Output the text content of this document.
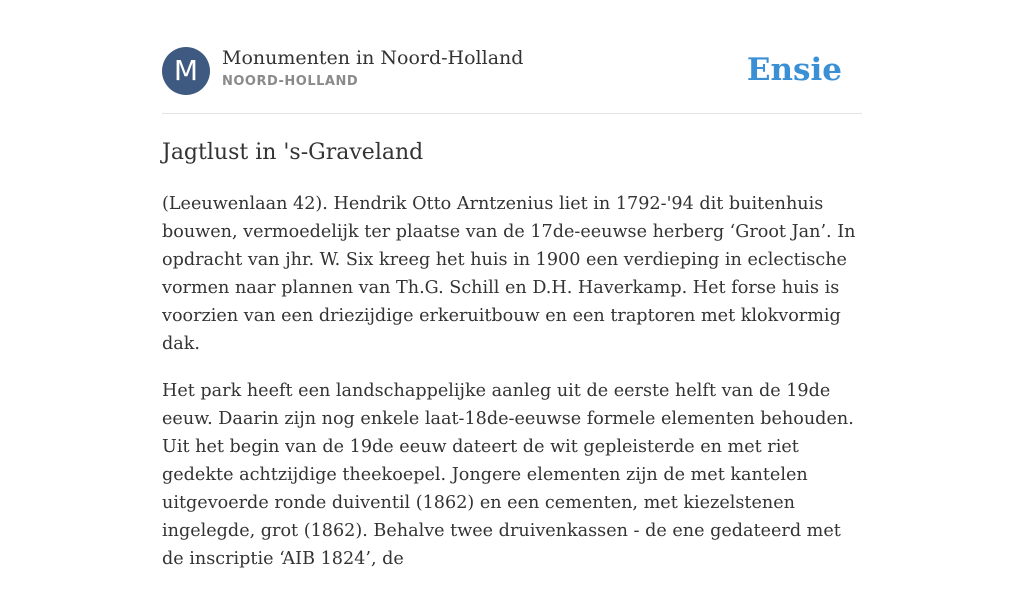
M	Monumenten in Noord-Holland
NOORD-HOLLAND	Ensie
Jagtlust in 's-Graveland

(Leeuwenlaan 42). Hendrik Otto Arntzenius liet in 1792-'94 dit buitenhuis bouwen, vermoedelijk ter plaatse van de 17de-eeuwse herberg ‘Groot Jan’. In opdracht van jhr. W. Six kreeg het huis in 1900 een verdieping in eclectische vormen naar plannen van Th.G. Schill en D.H. Haverkamp. Het forse huis is voorzien van een driezijdige erkeruitbouw en een traptoren met klokvormig dak.

Het park heeft een landschappelijke aanleg uit de eerste helft van de 19de eeuw. Daarin zijn nog enkele laat-18de-eeuwse formele elementen behouden. Uit het begin van de 19de eeuw dateert de wit gepleisterde en met riet gedekte achtzijdige theekoepel. Jongere elementen zijn de met kantelen uitgevoerde ronde duiventil (1862) en een cementen, met kiezelstenen ingelegde, grot (1862). Behalve twee druivenkassen - de ene gedateerd met de inscriptie ‘AIB 1824’, de
